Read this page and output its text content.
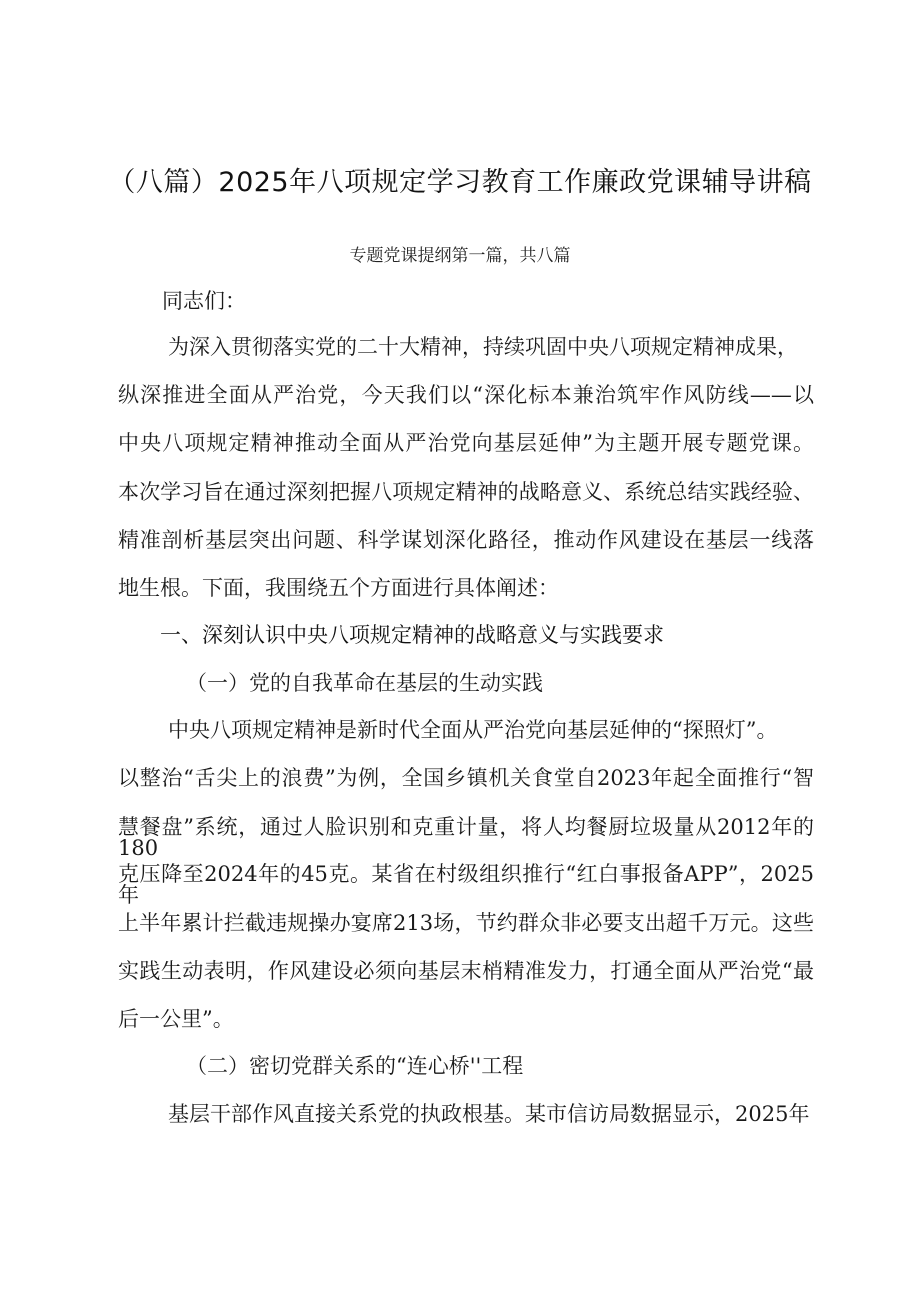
（八篇）2025年八项规定学习教育工作廉政党课辅导讲稿
专题党课提纲第一篇，共八篇
同志们：
为深入贯彻落实党的二十大精神，持续巩固中央八项规定精神成果，
纵深推进全面从严治党，今天我们以“深化标本兼治筑牢作风防线——以
中央八项规定精神推动全面从严治党向基层延伸”为主题开展专题党课。
本次学习旨在通过深刻把握八项规定精神的战略意义、系统总结实践经验、
精准剖析基层突出问题、科学谋划深化路径，推动作风建设在基层一线落
地生根。下面，我围绕五个方面进行具体阐述：
一、深刻认识中央八项规定精神的战略意义与实践要求
（一）党的自我革命在基层的生动实践
中央八项规定精神是新时代全面从严治党向基层延伸的“探照灯”。
以整治“舌尖上的浪费”为例，全国乡镇机关食堂自2023年起全面推行“智
慧餐盘”系统，通过人脸识别和克重计量，将人均餐厨垃圾量从2012年的180
克压降至2024年的45克。某省在村级组织推行“红白事报备APP”，2025年
上半年累计拦截违规操办宴席213场，节约群众非必要支出超千万元。这些
实践生动表明，作风建设必须向基层末梢精准发力，打通全面从严治党“最
后一公里”。
（二）密切党群关系的“连心桥''工程
基层干部作风直接关系党的执政根基。某市信访局数据显示，2025年
